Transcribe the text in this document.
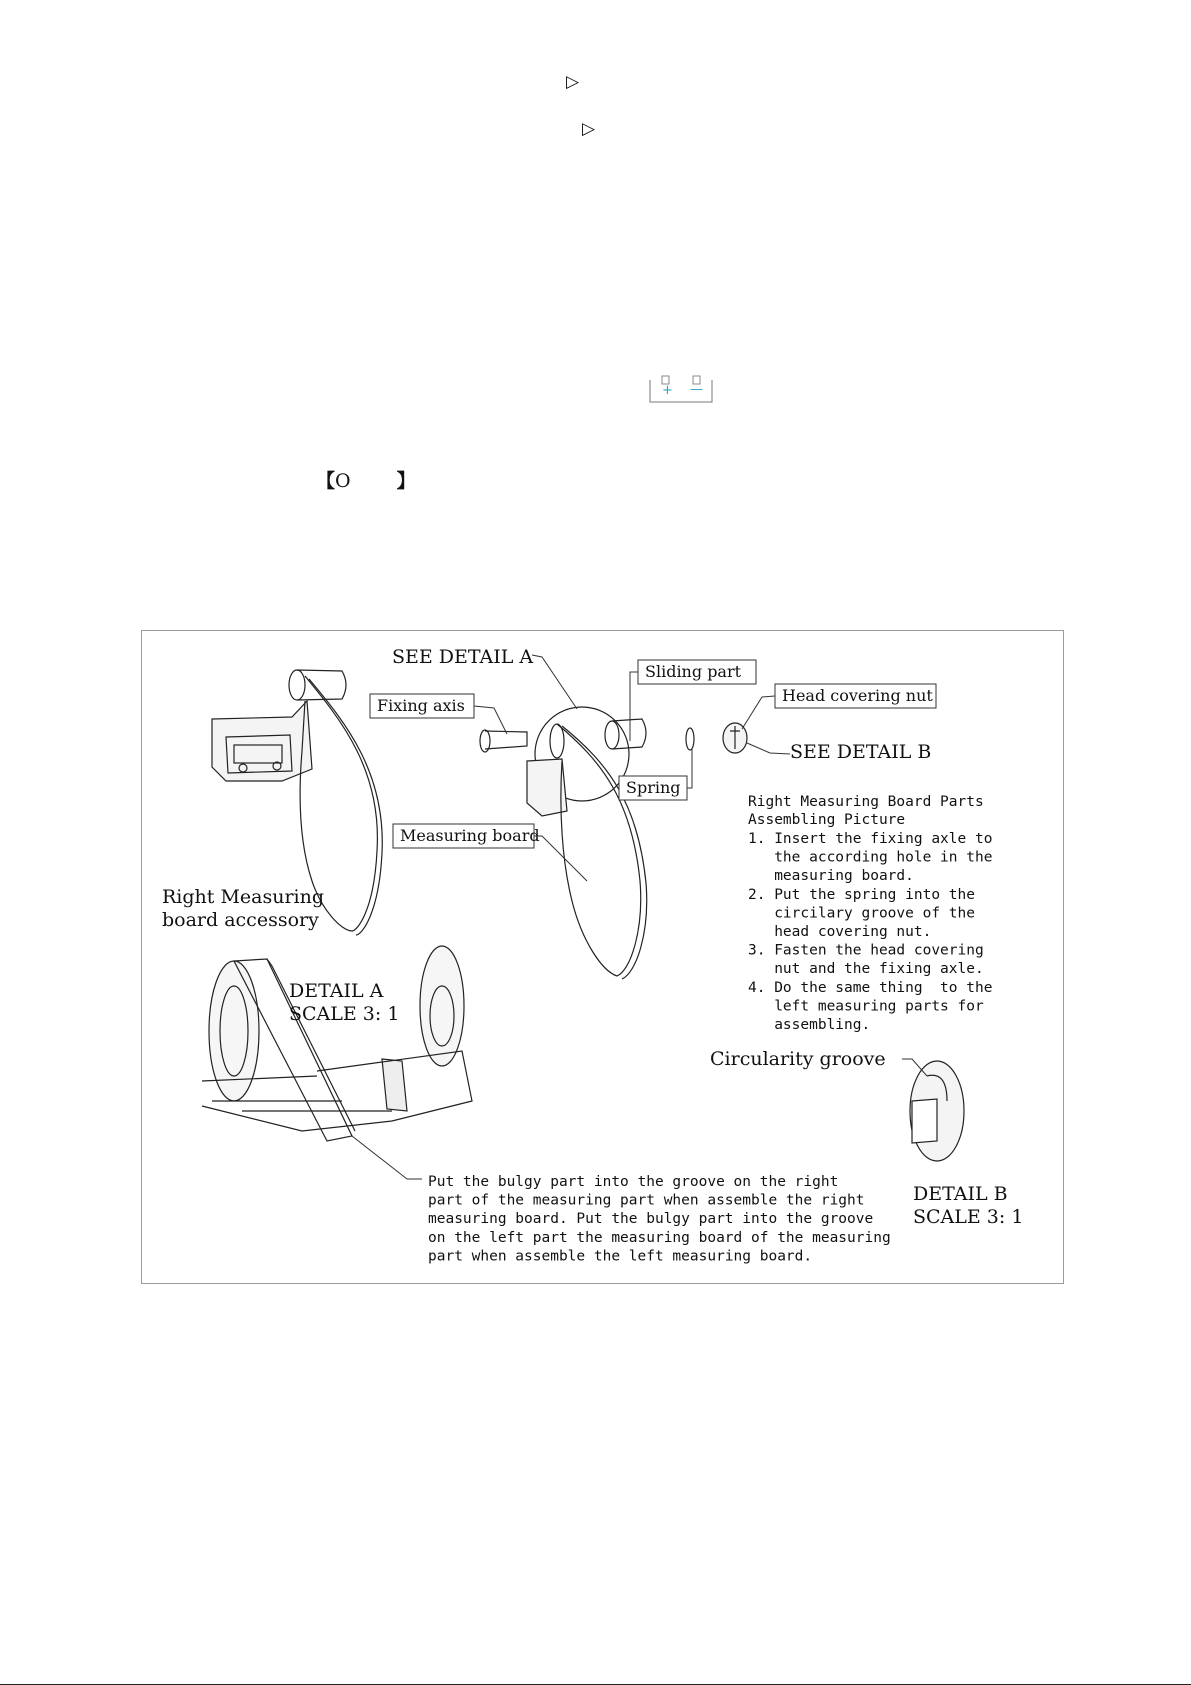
▷
▷
+ —
【O 】
SEE DETAIL A
Fixing axis
Sliding part
Head covering nut
SEE DETAIL B
Spring
Measuring board
Right Measuring
board accessory
DETAIL A
SCALE 3: 1
DETAIL B
SCALE 3: 1
Circularity groove
Right Measuring Board Parts
Assembling Picture
1. Insert the fixing axle to
the according hole in the
measuring board.
2. Put the spring into the
circilary groove of the
head covering nut.
3. Fasten the head covering
nut and the fixing axle.
4. Do the same thing  to the
left measuring parts for
assembling.
Put the bulgy part into the groove on the right
part of the measuring part when assemble the right
measuring board. Put the bulgy part into the groove
on the left part the measuring board of the measuring
part when assemble the left measuring board.
